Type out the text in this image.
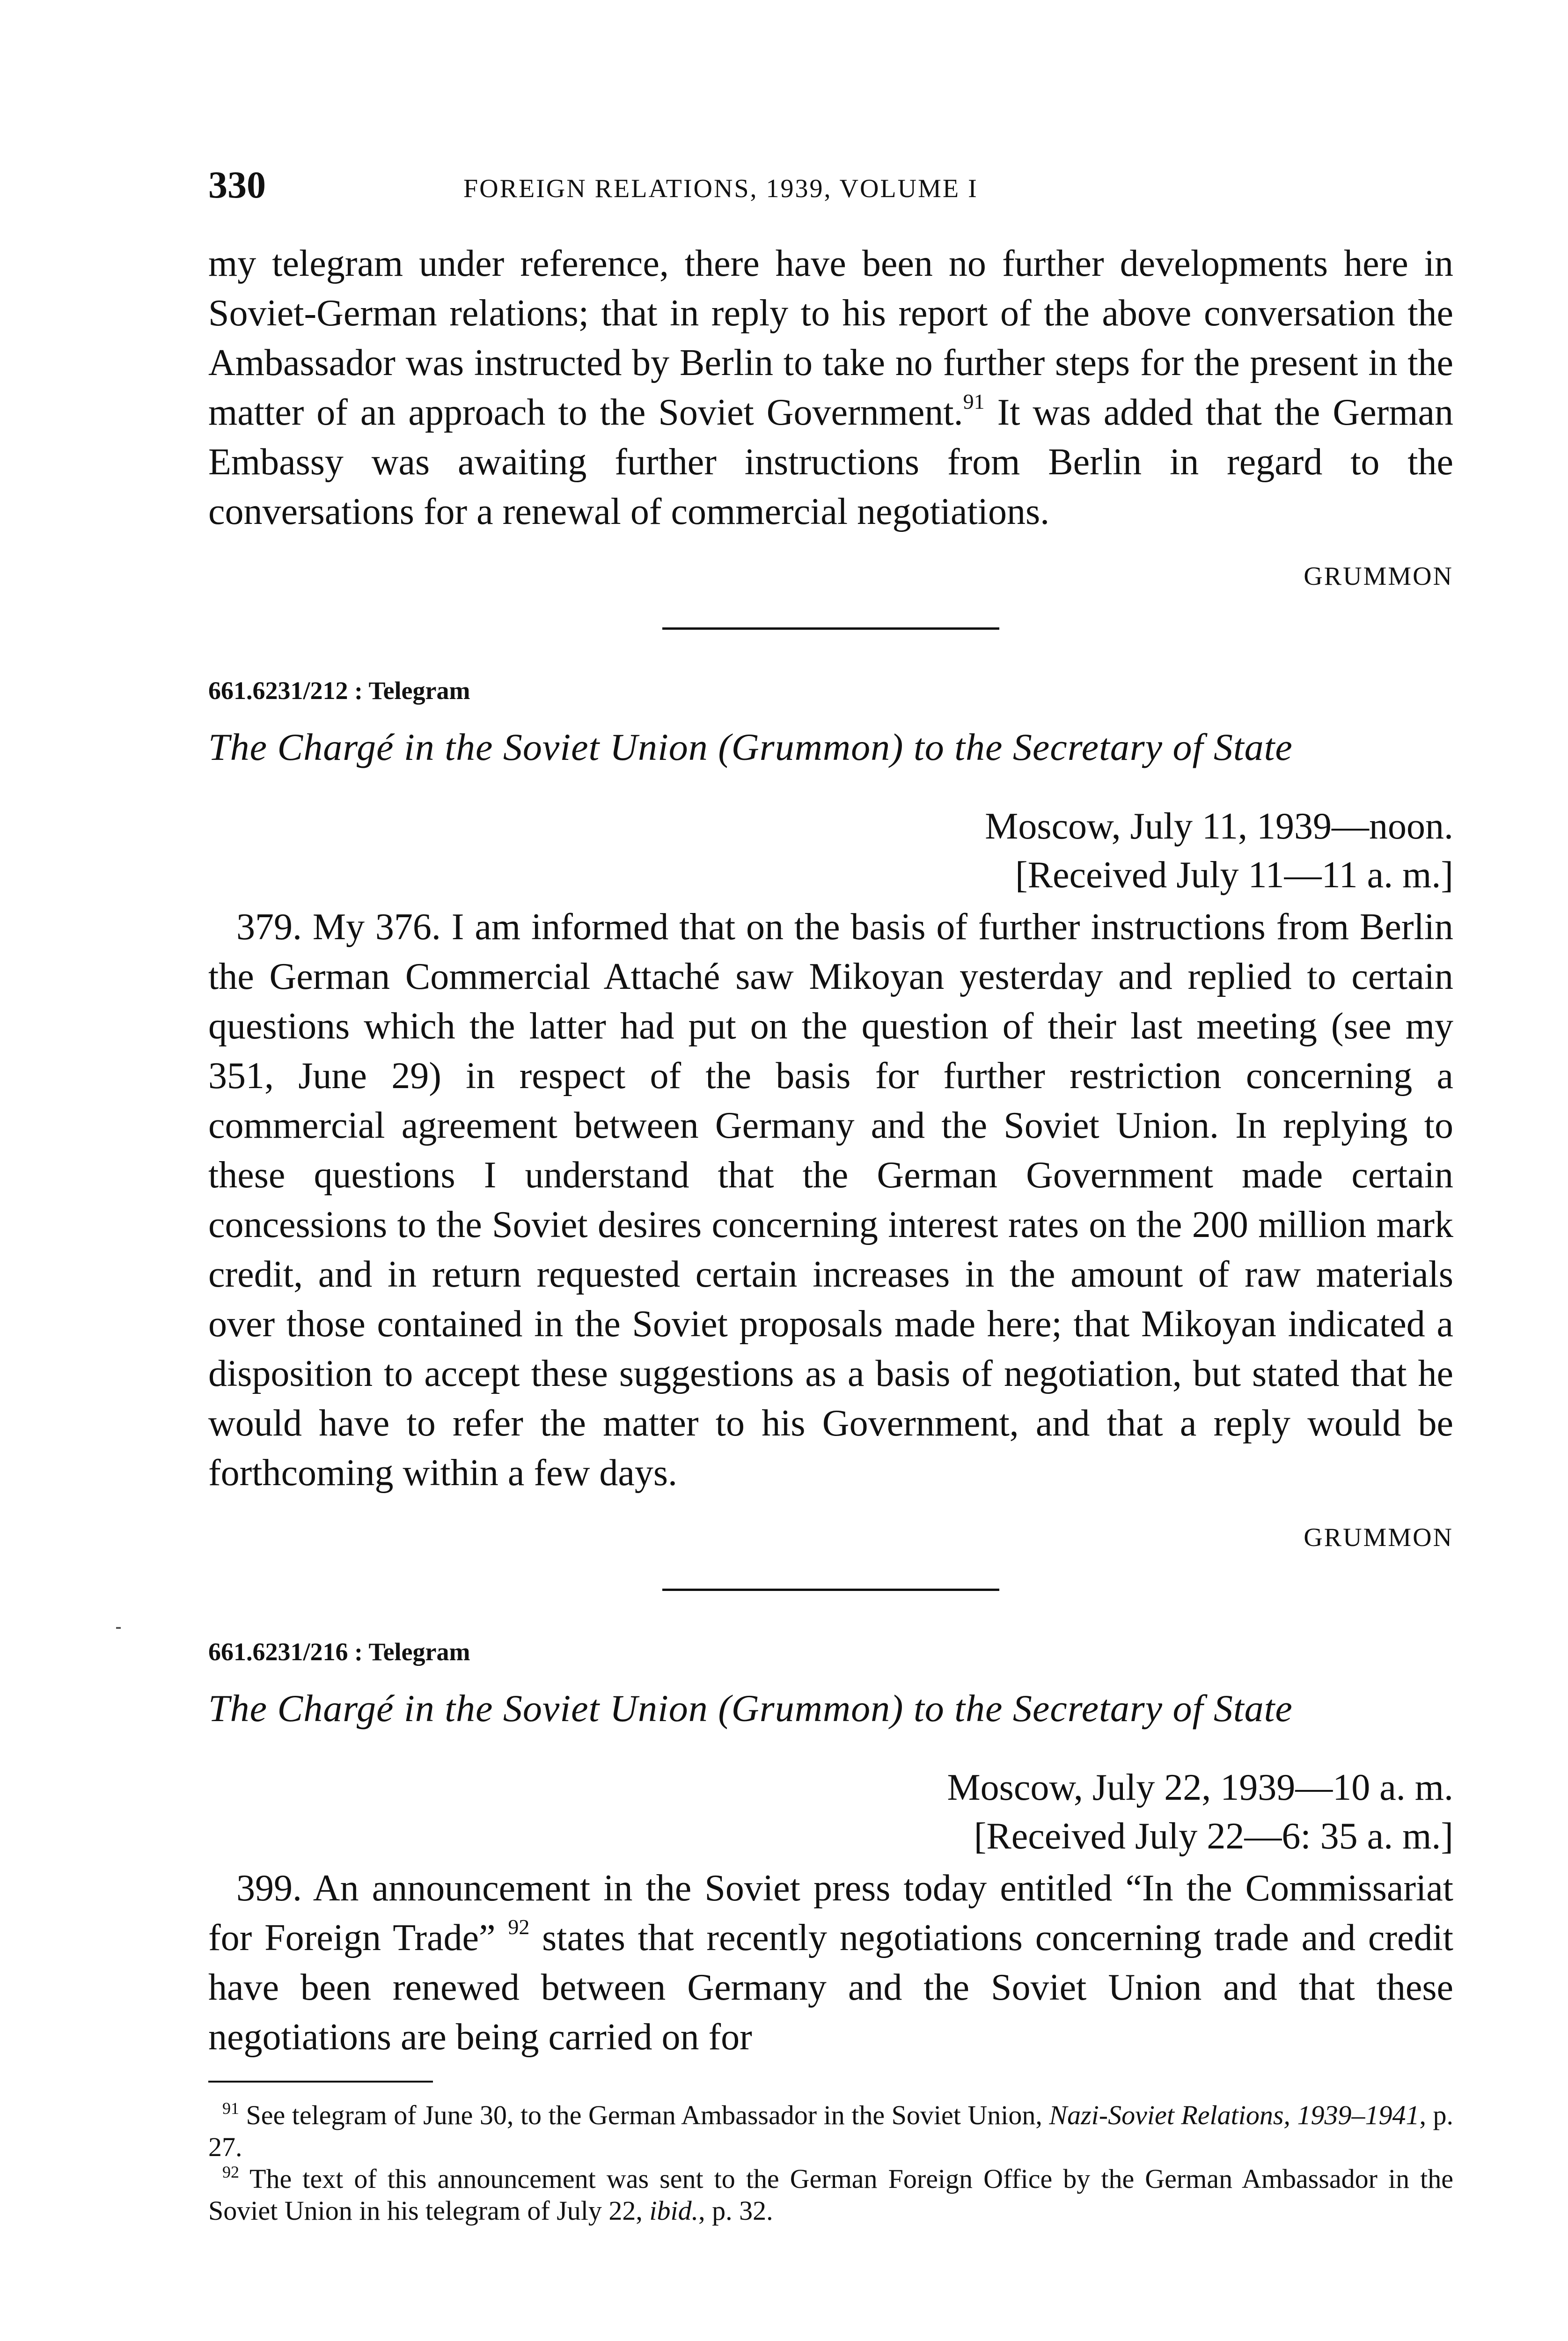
330	FOREIGN RELATIONS, 1939, VOLUME I

my telegram under reference, there have been no further developments here in Soviet-German relations; that in reply to his report of the above conversation the Ambassador was instructed by Berlin to take no further steps for the present in the matter of an approach to the Soviet Government.$^{91}$ It was added that the German Embassy was awaiting further instructions from Berlin in regard to the conversations for a renewal of commercial negotiations.

GRUMMON
661.6231/212 : Telegram
The Chargé in the Soviet Union (Grummon) to the Secretary of State
Moscow, July 11, 1939—noon.
[Received July 11—11 a. m.]

379. My 376. I am informed that on the basis of further instructions from Berlin the German Commercial Attaché saw Mikoyan yesterday and replied to certain questions which the latter had put on the question of their last meeting (see my 351, June 29) in respect of the basis for further restriction concerning a commercial agreement between Germany and the Soviet Union. In replying to these questions I understand that the German Government made certain concessions to the Soviet desires concerning interest rates on the 200 million mark credit, and in return requested certain increases in the amount of raw materials over those contained in the Soviet proposals made here; that Mikoyan indicated a disposition to accept these suggestions as a basis of negotiation, but stated that he would have to refer the matter to his Government, and that a reply would be forthcoming within a few days.

GRUMMON
661.6231/216 : Telegram
The Chargé in the Soviet Union (Grummon) to the Secretary of State
Moscow, July 22, 1939—10 a. m.
[Received July 22—6: 35 a. m.]

399. An announcement in the Soviet press today entitled “In the Commissariat for Foreign Trade” $^{92}$ states that recently negotiations concerning trade and credit have been renewed between Germany and the Soviet Union and that these negotiations are being carried on for

$^{91}$ See telegram of June 30, to the German Ambassador in the Soviet Union, Nazi-Soviet Relations, 1939–1941, p. 27.

$^{92}$ The text of this announcement was sent to the German Foreign Office by the German Ambassador in the Soviet Union in his telegram of July 22, ibid., p. 32.
